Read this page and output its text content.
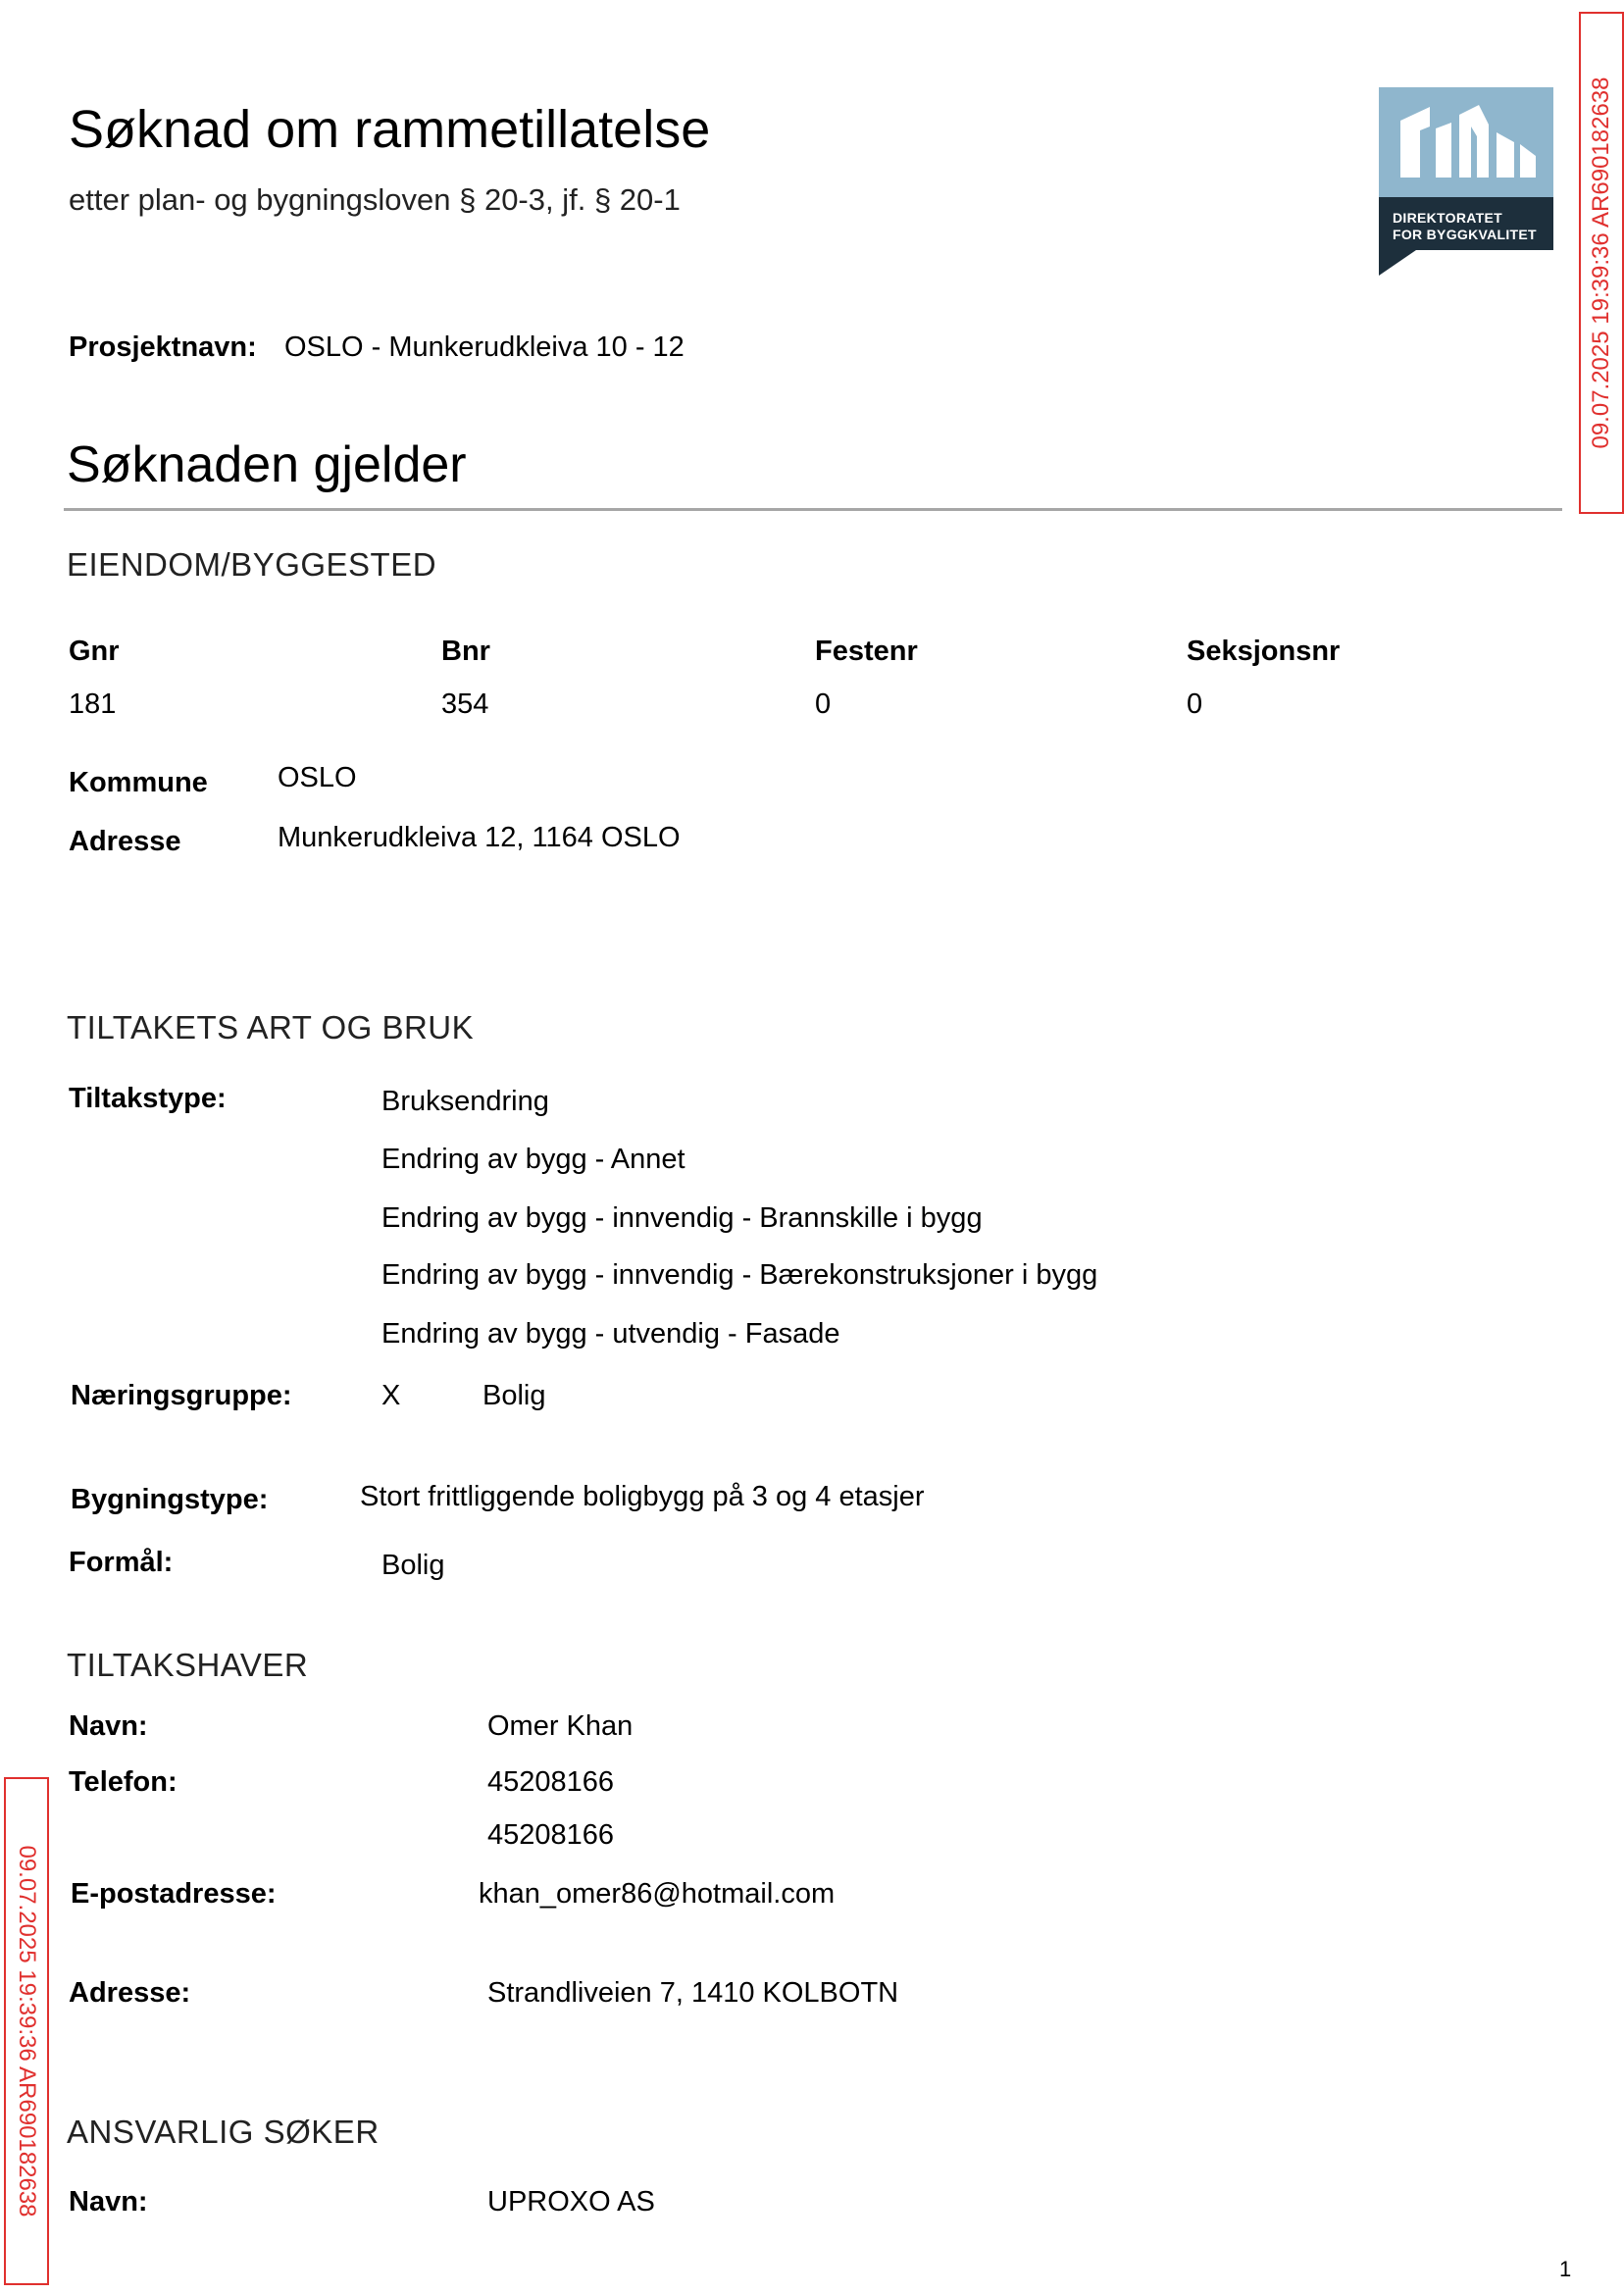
Søknad om rammetillatelse
etter plan- og bygningsloven § 20-3, jf. § 20-1
DIREKTORATET
FOR BYGGKVALITET 09.07.2025 19:39:36 AR690182638
09.07.2025 19:39:36 AR690182638
Prosjektnavn: OSLO - Munkerudkleiva 10 - 12
Søknaden gjelder
EIENDOM/BYGGESTED
Gnr	Bnr	Festenr	Seksjonsnr
181	354	0	0
Kommune OSLO
Adresse	Munkerudkleiva 12, 1164 OSLO
TILTAKETS ART OG BRUK
Tiltakstype:	Bruksendring
Endring av bygg - Annet
Endring av bygg - innvendig - Brannskille i bygg
Endring av bygg - innvendig - Bærekonstruksjoner i bygg
Endring av bygg - utvendig - Fasade
Næringsgruppe:	X	Bolig
Bygningstype:	Stort frittliggende boligbygg på 3 og 4 etasjer
Formål:	Bolig
TILTAKSHAVER
Navn:	Omer Khan
Telefon:	45208166
45208166
E-postadresse:	khan_omer86@hotmail.com
Adresse:	Strandliveien 7, 1410 KOLBOTN
ANSVARLIG SØKER
Navn:	UPROXO AS
1
